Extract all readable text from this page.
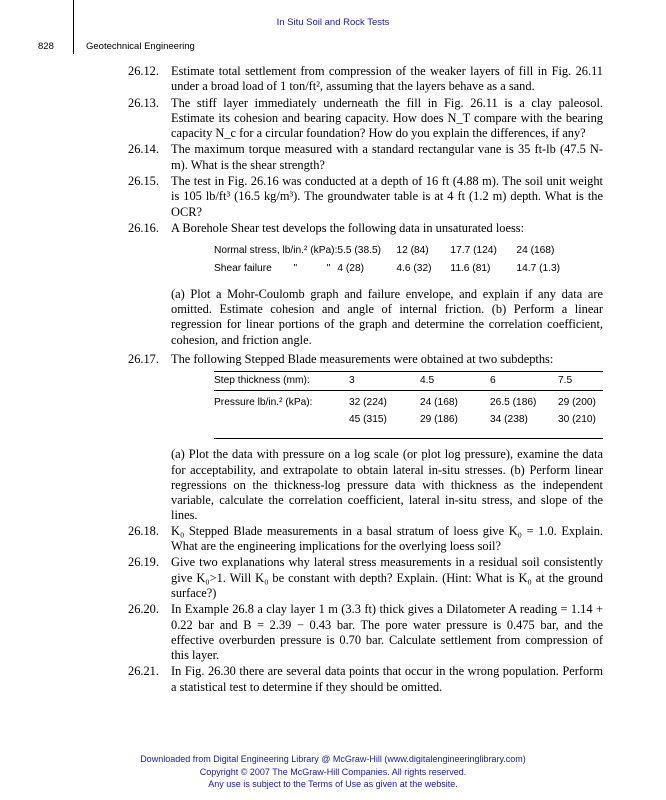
In Situ Soil and Rock Tests
828	Geotechnical Engineering
26.12. Estimate total settlement from compression of the weaker layers of fill in Fig. 26.11 under a broad load of 1 ton/ft², assuming that the layers behave as a sand.

26.13. The stiff layer immediately underneath the fill in Fig. 26.11 is a clay paleosol. Estimate its cohesion and bearing capacity. How does N_T compare with the bearing capacity N_c for a circular foundation? How do you explain the differences, if any?

26.14. The maximum torque measured with a standard rectangular vane is 35 ft-lb (47.5 N-m). What is the shear strength?

26.15. The test in Fig. 26.16 was conducted at a depth of 16 ft (4.88 m). The soil unit weight is 105 lb/ft³ (16.5 kg/m³). The groundwater table is at 4 ft (1.2 m) depth. What is the OCR?

26.16. A Borehole Shear test develops the following data in unsaturated loess:

Normal stress, lb/in.² (kPa):	5.5 (38.5)	12 (84)	17.7 (124)	24 (168)
Shear failure " "	4 (28)	4.6 (32)	11.6 (81)	14.7 (1.3)

(a) Plot a Mohr-Coulomb graph and failure envelope, and explain if any data are omitted. Estimate cohesion and angle of internal friction. (b) Perform a linear regression for linear portions of the graph and determine the correlation coefficient, cohesion, and friction angle.

26.17. The following Stepped Blade measurements were obtained at two subdepths:

Step thickness (mm):	3	4.5	6	7.5
Pressure lb/in.² (kPa):	32 (224)	24 (168)	26.5 (186)	29 (200)
	45 (315)	29 (186)	34 (238)	30 (210)

(a) Plot the data with pressure on a log scale (or plot log pressure), examine the data for acceptability, and extrapolate to obtain lateral in-situ stresses. (b) Perform linear regressions on the thickness-log pressure data with thickness as the independent variable, calculate the correlation coefficient, lateral in-situ stress, and slope of the lines.

26.18. K₀ Stepped Blade measurements in a basal stratum of loess give K₀ = 1.0. Explain. What are the engineering implications for the overlying loess soil?

26.19. Give two explanations why lateral stress measurements in a residual soil consistently give K₀>1. Will K₀ be constant with depth? Explain. (Hint: What is K₀ at the ground surface?)

26.20. In Example 26.8 a clay layer 1 m (3.3 ft) thick gives a Dilatometer A reading = 1.14 + 0.22 bar and B = 2.39 − 0.43 bar. The pore water pressure is 0.475 bar, and the effective overburden pressure is 0.70 bar. Calculate settlement from compression of this layer.

26.21. In Fig. 26.30 there are several data points that occur in the wrong population. Perform a statistical test to determine if they should be omitted.

Downloaded from Digital Engineering Library @ McGraw-Hill (www.digitalengineeringlibrary.com)
Copyright © 2007 The McGraw-Hill Companies. All rights reserved.
Any use is subject to the Terms of Use as given at the website.
